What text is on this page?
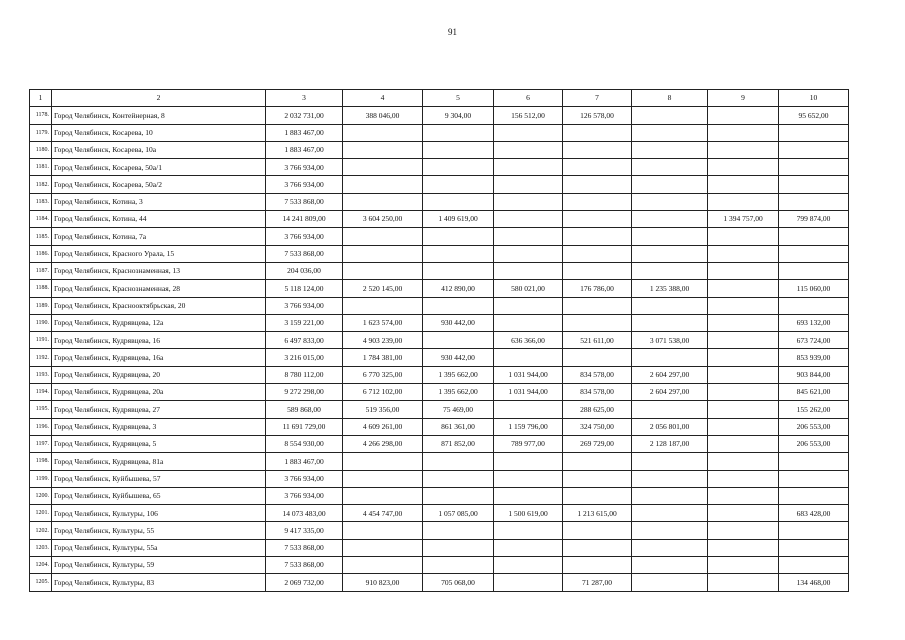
91
1	2	3	4	5	6	7	8	9	10
1178.	Город Челябинск, Контейнерная, 8	2 032 731,00	388 046,00	9 304,00	156 512,00	126 578,00			95 652,00
1179.	Город Челябинск, Косарева, 10	1 883 467,00							
1180.	Город Челябинск, Косарева, 10а	1 883 467,00							
1181.	Город Челябинск, Косарева, 50а/1	3 766 934,00							
1182.	Город Челябинск, Косарева, 50а/2	3 766 934,00							
1183.	Город Челябинск, Котина, 3	7 533 868,00							
1184.	Город Челябинск, Котина, 44	14 241 809,00	3 604 250,00	1 409 619,00				1 394 757,00	799 874,00
1185.	Город Челябинск, Котина, 7а	3 766 934,00							
1186.	Город Челябинск, Красного Урала, 15	7 533 868,00							
1187.	Город Челябинск, Краснознаменная, 13	204 036,00							
1188.	Город Челябинск, Краснознаменная, 28	5 118 124,00	2 520 145,00	412 890,00	580 021,00	176 786,00	1 235 388,00		115 060,00
1189.	Город Челябинск, Краснооктябрьская, 20	3 766 934,00							
1190.	Город Челябинск, Кудрявцева, 12а	3 159 221,00	1 623 574,00	930 442,00					693 132,00
1191.	Город Челябинск, Кудрявцева, 16	6 497 833,00	4 903 239,00		636 366,00	521 611,00	3 071 538,00		673 724,00
1192.	Город Челябинск, Кудрявцева, 16а	3 216 015,00	1 784 381,00	930 442,00					853 939,00
1193.	Город Челябинск, Кудрявцева, 20	8 780 112,00	6 770 325,00	1 395 662,00	1 031 944,00	834 578,00	2 604 297,00		903 844,00
1194.	Город Челябинск, Кудрявцева, 20а	9 272 298,00	6 712 102,00	1 395 662,00	1 031 944,00	834 578,00	2 604 297,00		845 621,00
1195.	Город Челябинск, Кудрявцева, 27	589 868,00	519 356,00	75 469,00		288 625,00			155 262,00
1196.	Город Челябинск, Кудрявцева, 3	11 691 729,00	4 609 261,00	861 361,00	1 159 796,00	324 750,00	2 056 801,00		206 553,00
1197.	Город Челябинск, Кудрявцева, 5	8 554 930,00	4 266 298,00	871 852,00	789 977,00	269 729,00	2 128 187,00		206 553,00
1198.	Город Челябинск, Кудрявцева, 81а	1 883 467,00							
1199.	Город Челябинск, Куйбышева, 57	3 766 934,00							
1200.	Город Челябинск, Куйбышева, 65	3 766 934,00							
1201.	Город Челябинск, Культуры, 106	14 073 483,00	4 454 747,00	1 057 085,00	1 500 619,00	1 213 615,00			683 428,00
1202.	Город Челябинск, Культуры, 55	9 417 335,00							
1203.	Город Челябинск, Культуры, 55а	7 533 868,00							
1204.	Город Челябинск, Культуры, 59	7 533 868,00							
1205.	Город Челябинск, Культуры, 83	2 069 732,00	910 823,00	705 068,00		71 287,00			134 468,00
